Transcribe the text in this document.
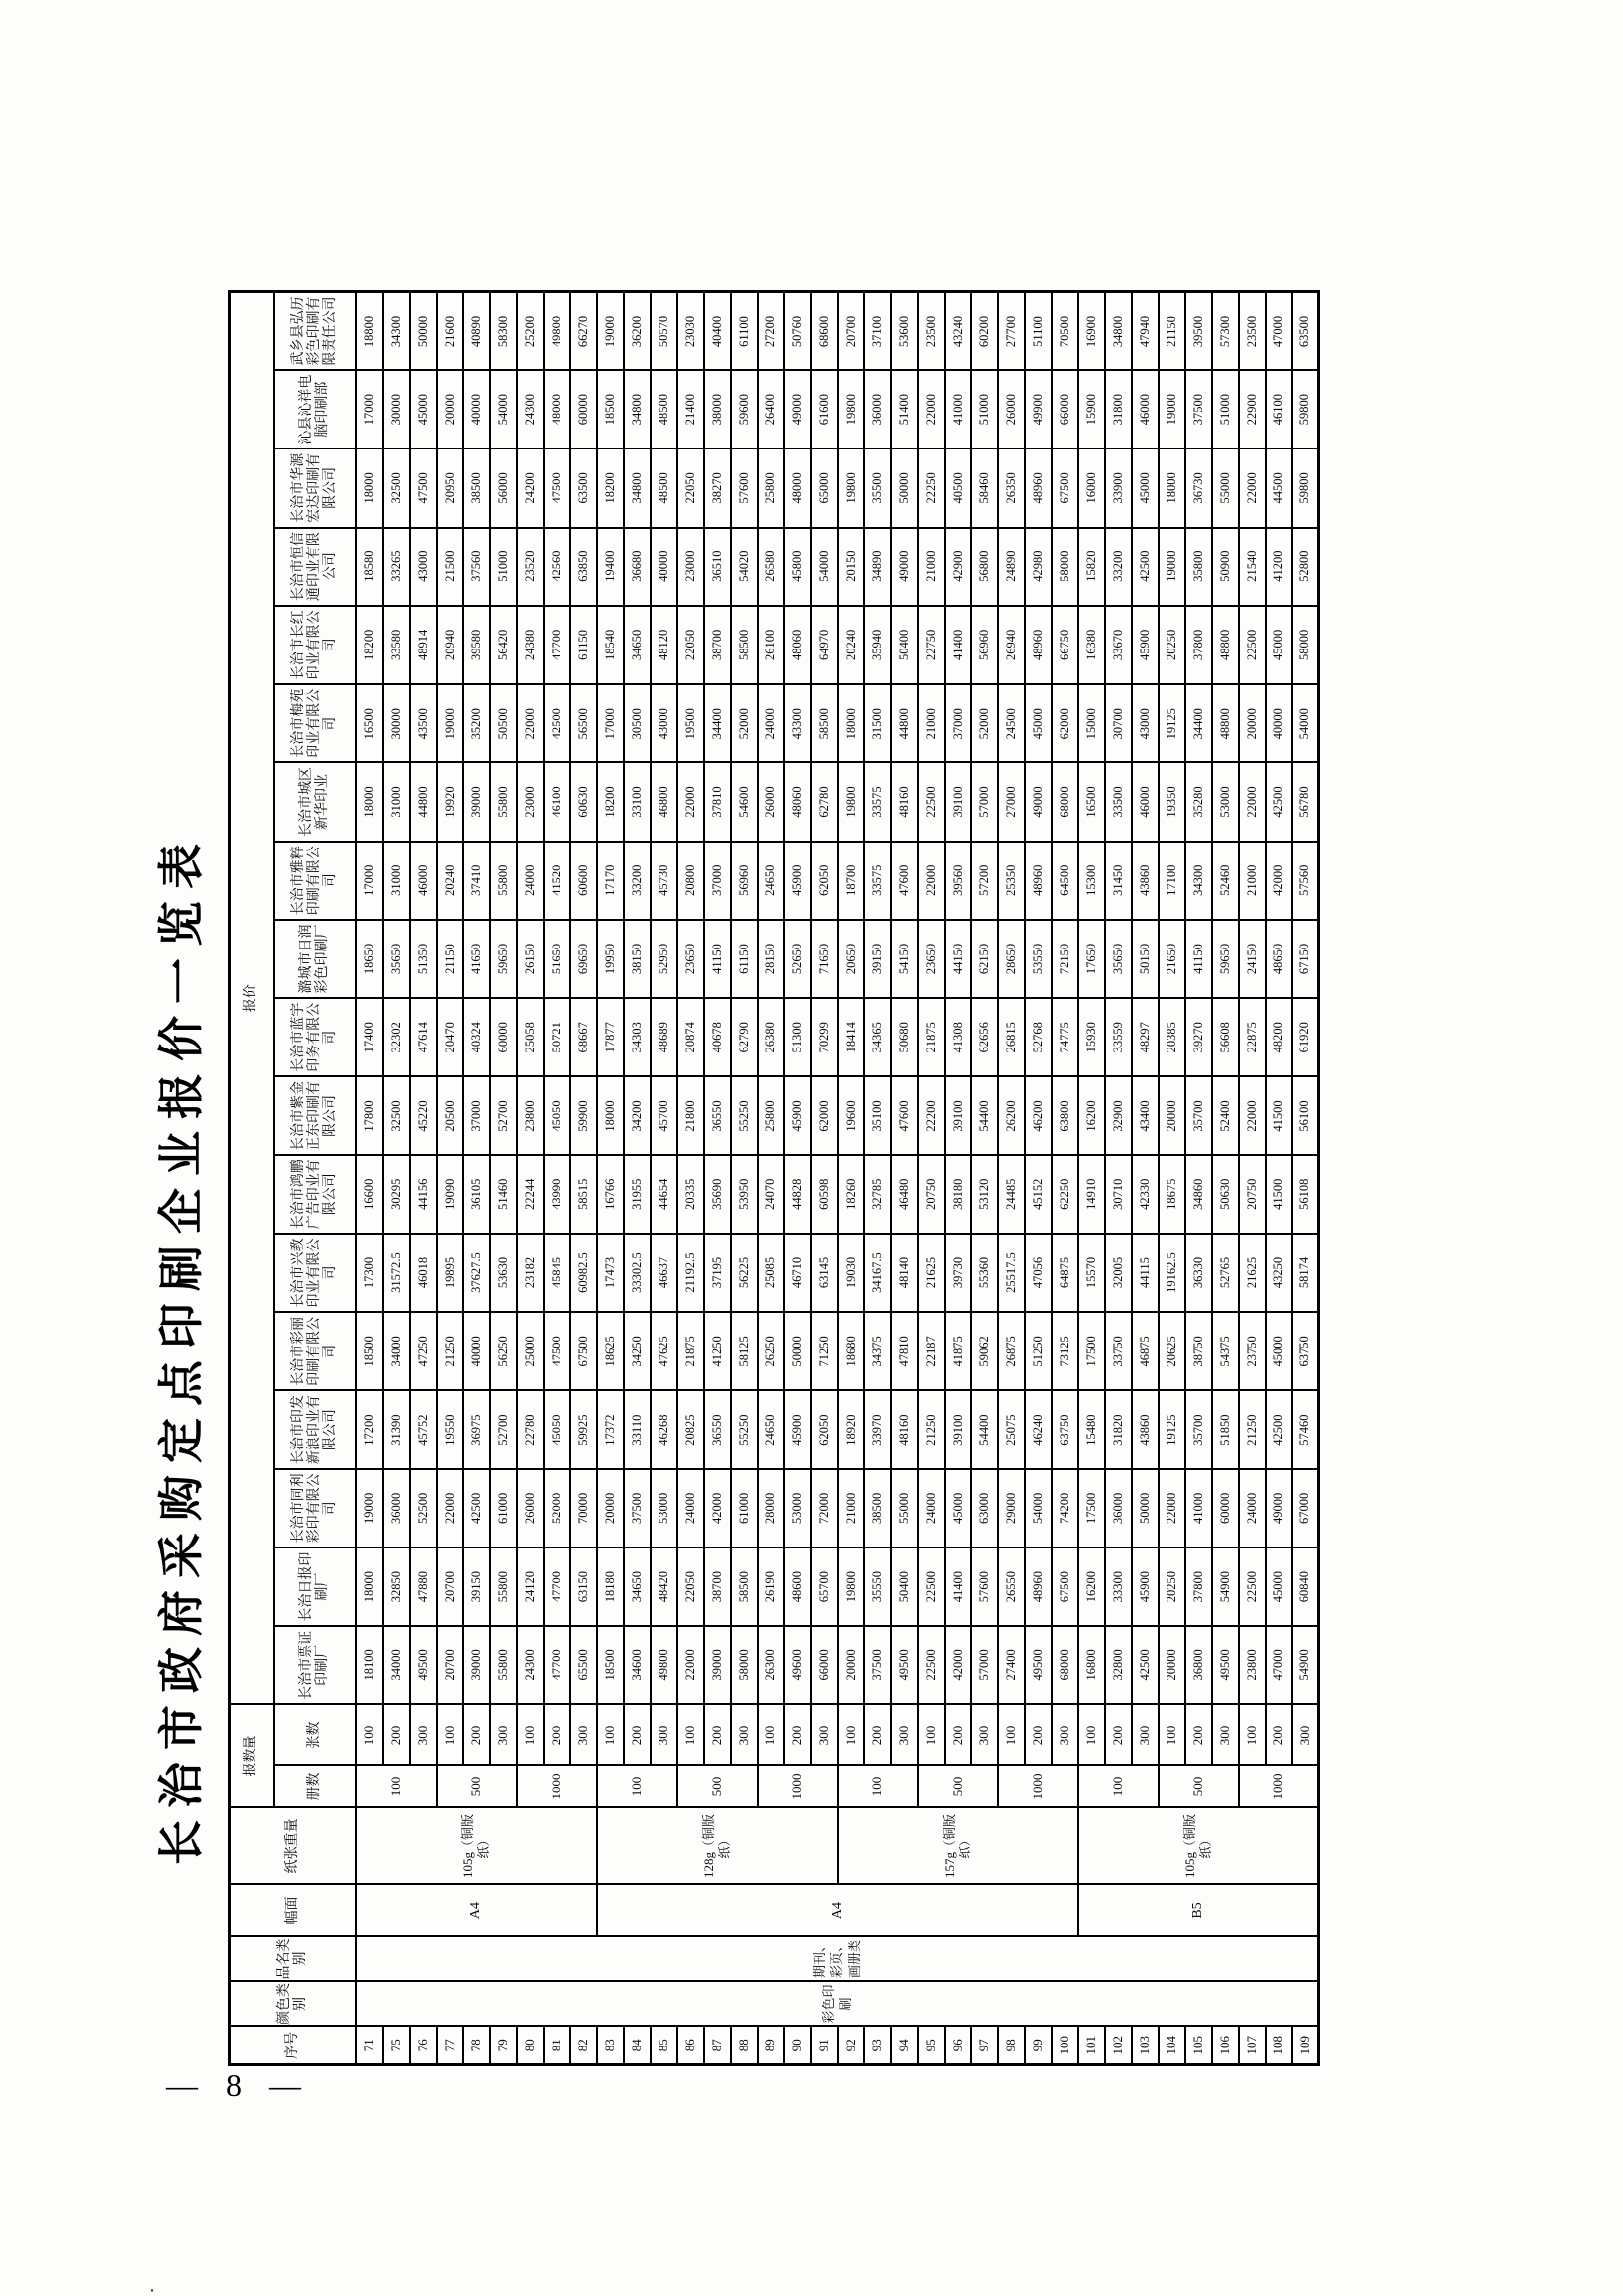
长治市政府采购定点印刷企业报价一览表
序号	颜色类别	品名类别	幅面	纸张重量	报数量		报价																	
					册数	张数	长治市票证印刷厂	长治日报印刷厂	长治市同利彩印有限公司	长治市印发新浪印业有限公司	长治市彩丽印刷有限公司	长治市兴教印业有限公司	长治市鸿鹏广告印业有限公司	长治市紫金正东印刷有限公司	长治市蓝宇印务有限公司	潞城市日润彩色印刷厂	长治市雅粹印刷有限公司	长治市城区新华印业	长治市梅苑印业有限公司	长治市长红印业有限公司	长治市恒信通印业有限公司	长治市华源宏达印刷有限公司	沁县沁祥电脑印刷部	武乡县弘历彩色印刷有限责任公司
71	彩色印刷	期刊、彩页、画册类	A4	105g（铜版纸）	100	100	18100	18000	19000	17200	18500	17300	16600	17800	17400	18650	17000	18000	16500	18200	18580	18000	17000	18800
75						200	34000	32850	36000	31390	34000	31572.5	30295	32500	32302	35650	31000	31000	30000	33580	33265	32500	30000	34300
76						300	49500	47880	52500	45752	47250	46018	44156	45220	47614	51350	46000	44800	43500	48914	43000	47500	45000	50000
77					500	100	20700	20700	22000	19550	21250	19895	19090	20500	20470	21150	20240	19920	19000	20940	21500	20950	20000	21600
78						200	39000	39150	42500	36975	40000	37627.5	36105	37000	40324	41650	37410	39000	35200	39580	37560	38500	40000	40890
79						300	55800	55800	61000	52700	56250	53630	51460	52700	60000	59650	55800	55800	50500	56420	51000	56000	54000	58300
80					1000	100	24300	24120	26000	22780	25000	23182	22244	23800	25058	26150	24000	23000	22000	24380	23520	24200	24300	25200
81						200	47700	47700	52000	45050	47500	45845	43990	45050	50721	51650	41520	46100	42500	47700	42560	47500	48000	49800
82						300	65500	63150	70000	59925	67500	60982.5	58515	59900	68667	69650	60600	60630	56500	61150	63850	63500	60000	66270
83			A4	128g（铜版纸）	100	100	18500	18180	20000	17372	18625	17473	16766	18000	17877	19950	17170	18200	17000	18540	19400	18200	18500	19000
84						200	34600	34650	37500	33110	34250	33302.5	31955	34200	34303	38150	33200	33100	30500	34650	36680	34800	34800	36200
85						300	49800	48420	53000	46268	47625	46637	44654	45700	48689	52950	45730	46800	43000	48120	40000	48500	48500	50570
86					500	100	22000	22050	24000	20825	21875	21192.5	20335	21800	20874	23650	20800	22000	19500	22050	23000	22050	21400	23030
87						200	39000	38700	42000	36550	41250	37195	35690	36550	40678	41150	37000	37810	34400	38700	36510	38270	38000	40400
88						300	58000	58500	61000	55250	58125	56225	53950	55250	62790	61150	56960	54600	52000	58500	54020	57600	59600	61100
89					1000	100	26300	26190	28000	24650	26250	25085	24070	25800	26380	28150	24650	26000	24000	26100	26580	25800	26400	27200
90						200	49600	48600	53000	45900	50000	46710	44828	45900	51300	52650	45900	48060	43300	48060	45800	48000	49000	50760
91						300	66000	65700	72000	62050	71250	63145	60598	62000	70299	71650	62050	62780	58500	64970	54000	65000	61600	68600
92				157g（铜版纸）	100	100	20000	19800	21000	18920	18680	19030	18260	19600	18414	20650	18700	19800	18000	20240	20150	19800	19800	20700
93						200	37500	35550	38500	33970	34375	34167.5	32785	35100	34365	39150	33575	33575	31500	35940	34890	35500	36000	37100
94						300	49500	50400	55000	48160	47810	48140	46480	47600	50680	54150	47600	48160	44800	50400	49000	50000	51400	53600
95					500	100	22500	22500	24000	21250	22187	21625	20750	22200	21875	23650	22000	22500	21000	22750	21000	22250	22000	23500
96						200	42000	41400	45000	39100	41875	39730	38180	39100	41308	44150	39560	39100	37000	41400	42900	40500	41000	43240
97						300	57000	57600	63000	54400	59062	55360	53120	54400	62656	62150	57200	57000	52000	56960	56800	58460	51000	60200
98					1000	100	27400	26550	29000	25075	26875	25517.5	24485	26200	26815	28650	25350	27000	24500	26940	24890	26350	26000	27700
99						200	49500	48960	54000	46240	51250	47056	45152	46200	52768	53550	48960	49000	45000	48960	42980	48960	49900	51100
100						300	68000	67500	74200	63750	73125	64875	62250	63800	74775	72150	64500	68000	62000	66750	58000	67500	66000	70500
101			B5	105g（铜版纸）	100	100	16800	16200	17500	15480	17500	15570	14910	16200	15930	17650	15300	16500	15000	16380	15820	16000	15900	16900
102						200	32800	33300	36000	31820	33750	32005	30710	32900	33559	35650	31450	33500	30700	33670	33200	33900	31800	34800
103						300	42500	45900	50000	43860	46875	44115	42330	43400	48297	50150	43860	46000	43000	45900	42500	45000	46000	47940
104					500	100	20000	20250	22000	19125	20625	19162.5	18675	20000	20385	21650	17100	19350	19125	20250	19000	18000	19000	21150
105						200	36800	37800	41000	35700	38750	36330	34860	35700	39270	41150	34300	35280	34400	37800	35800	36730	37500	39500
106						300	49500	54900	60000	51850	54375	52765	50630	52400	56608	59650	52460	53000	48800	48800	50900	55000	51000	57300
107					1000	100	23800	22500	24000	21250	23750	21625	20750	22000	22875	24150	21000	22000	20000	22500	21540	22000	22900	23500
108						200	47000	45000	49000	42500	45000	43250	41500	41500	48200	48650	42000	42500	40000	45000	41200	44500	46100	47000
109						300	54900	60840	67000	57460	63750	58174	56108	56100	61920	67150	57560	56780	54000	58000	52800	59800	59800	63500
— 8 —
